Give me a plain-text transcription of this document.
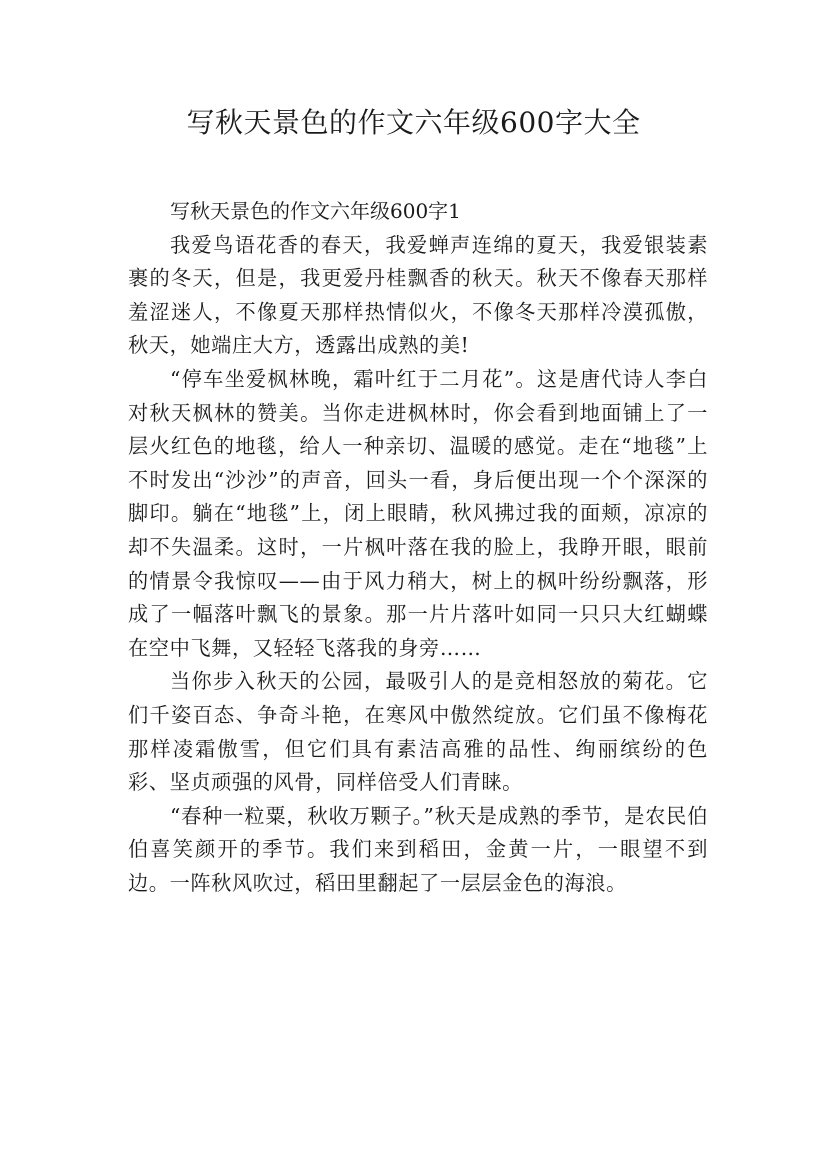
写秋天景色的作文六年级600字大全

写秋天景色的作文六年级600字1

我爱鸟语花香的春天，我爱蝉声连绵的夏天，我爱银装素裹的冬天，但是，我更爱丹桂飘香的秋天。秋天不像春天那样羞涩迷人，不像夏天那样热情似火，不像冬天那样冷漠孤傲，秋天，她端庄大方，透露出成熟的美!

“停车坐爱枫林晚，霜叶红于二月花”。这是唐代诗人李白对秋天枫林的赞美。当你走进枫林时，你会看到地面铺上了一层火红色的地毯，给人一种亲切、温暖的感觉。走在“地毯”上不时发出“沙沙”的声音，回头一看，身后便出现一个个深深的脚印。躺在“地毯”上，闭上眼睛，秋风拂过我的面颊，凉凉的却不失温柔。这时，一片枫叶落在我的脸上，我睁开眼，眼前的情景令我惊叹——由于风力稍大，树上的枫叶纷纷飘落，形成了一幅落叶飘飞的景象。那一片片落叶如同一只只大红蝴蝶在空中飞舞，又轻轻飞落我的身旁……

当你步入秋天的公园，最吸引人的是竞相怒放的菊花。它们千姿百态、争奇斗艳，在寒风中傲然绽放。它们虽不像梅花那样凌霜傲雪，但它们具有素洁高雅的品性、绚丽缤纷的色彩、坚贞顽强的风骨，同样倍受人们青睐。

“春种一粒粟，秋收万颗子。”秋天是成熟的季节，是农民伯伯喜笑颜开的季节。我们来到稻田，金黄一片，一眼望不到边。一阵秋风吹过，稻田里翻起了一层层金色的海浪。
